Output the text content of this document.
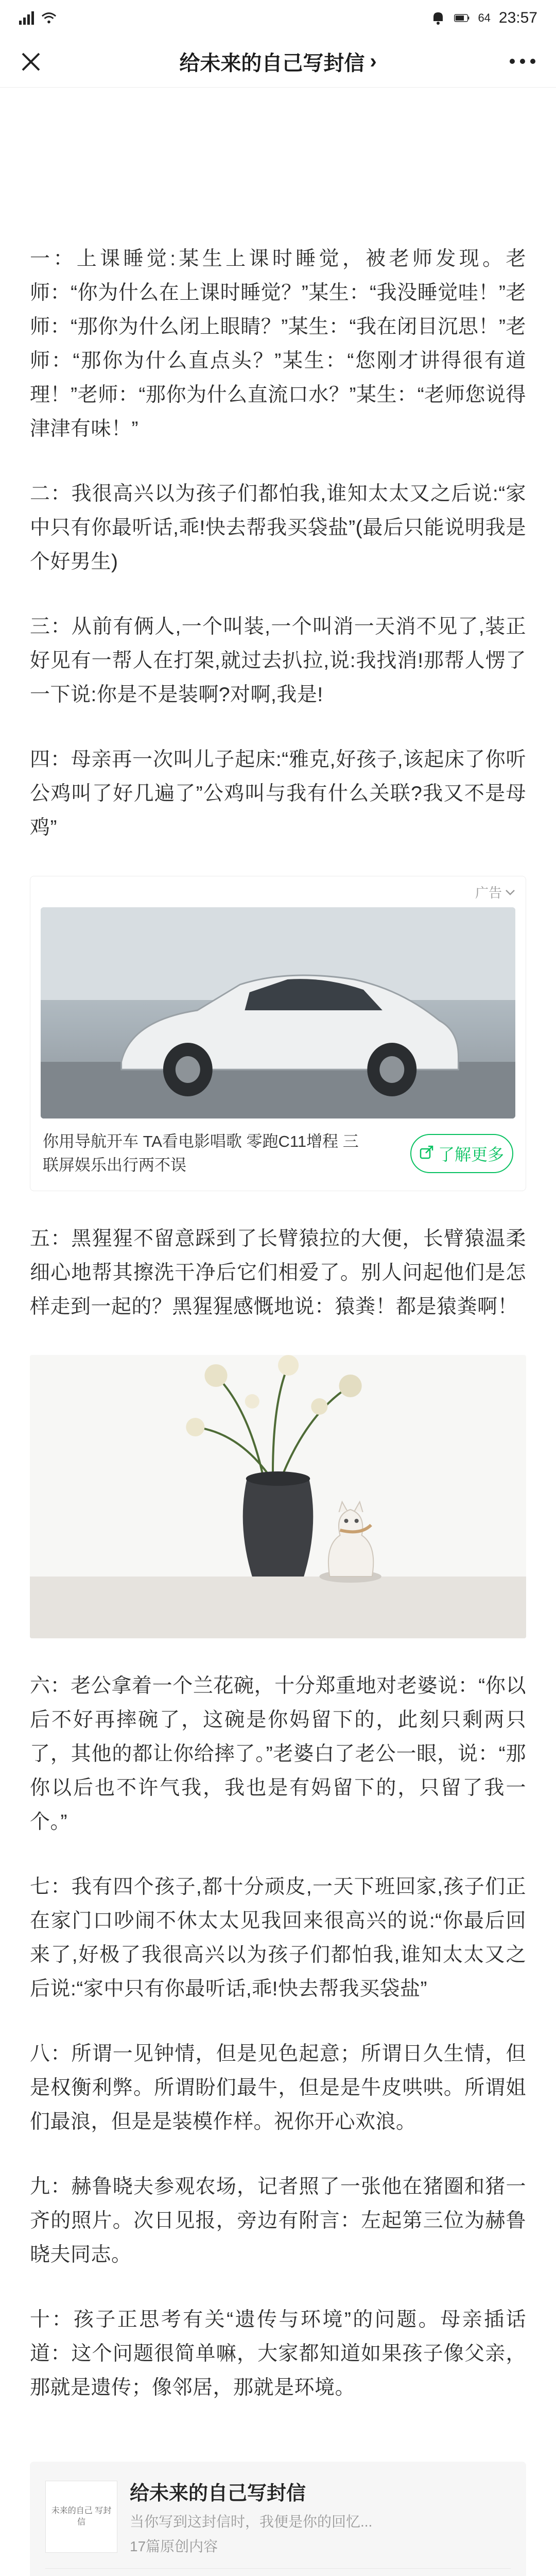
64 23:57
给未来的自己写封信 ›

一：上课睡觉:某生上课时睡觉，被老师发现。老师：“你为什么在上课时睡觉？”某生：“我没睡觉哇！”老师：“那你为什么闭上眼睛？”某生：“我在闭目沉思！”老师：“那你为什么直点头？”某生：“您刚才讲得很有道理！”老师：“那你为什么直流口水？”某生：“老师您说得津津有味！”

二：我很高兴以为孩子们都怕我,谁知太太又之后说:“家中只有你最听话,乖!快去帮我买袋盐”(最后只能说明我是个好男生)

三：从前有俩人,一个叫装,一个叫消一天消不见了,装正好见有一帮人在打架,就过去扒拉,说:我找消!那帮人愣了一下说:你是不是装啊?对啊,我是!

四：母亲再一次叫儿子起床:“雅克,好孩子,该起床了你听公鸡叫了好几遍了”公鸡叫与我有什么关联?我又不是母鸡”

广告
你用导航开车 TA看电影唱歌 零跑C11增程 三联屏娱乐出行两不误
了解更多

五：黑猩猩不留意踩到了长臂猿拉的大便，长臂猿温柔细心地帮其擦洗干净后它们相爱了。别人问起他们是怎样走到一起的？黑猩猩感慨地说：猿粪！都是猿粪啊！

六：老公拿着一个兰花碗，十分郑重地对老婆说：“你以后不好再摔碗了，这碗是你妈留下的，此刻只剩两只了，其他的都让你给摔了。”老婆白了老公一眼，说：“那你以后也不许气我，我也是有妈留下的，只留了我一个。”

七：我有四个孩子,都十分顽皮,一天下班回家,孩子们正在家门口吵闹不休太太见我回来很高兴的说:“你最后回来了,好极了我很高兴以为孩子们都怕我,谁知太太又之后说:“家中只有你最听话,乖!快去帮我买袋盐”

八：所谓一见钟情，但是见色起意；所谓日久生情，但是权衡利弊。所谓盼们最牛，但是是牛皮哄哄。所谓姐们最浪，但是是装模作样。祝你开心欢浪。

九：赫鲁晓夫参观农场，记者照了一张他在猪圈和猪一齐的照片。次日见报，旁边有附言：左起第三位为赫鲁晓夫同志。

十：孩子正思考有关“遗传与环境”的问题。母亲插话道：这个问题很简单嘛，大家都知道如果孩子像父亲，那就是遗传；像邻居，那就是环境。

未来的自己 写封信
给未来的自己写封信
当你写到这封信时，我便是你的回忆...
17篇原创内容
